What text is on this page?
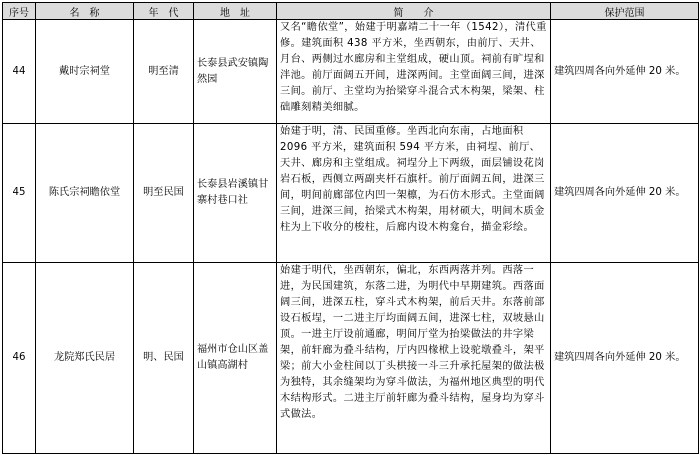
序号	名　称	年　代	地　址	简　　介	保护范围
44	戴时宗祠堂	明至清	长泰县武安镇陶然园	又名“瞻依堂”，始建于明嘉靖二十一年（1542），清代重修。建筑面积 438 平方米，坐西朝东，由前厅、天井、月台、两侧过水廊房和主堂组成，硬山顶。祠前有旷埕和泮池。前厅面阔五开间，进深两间。主堂面阔三间，进深三间。前厅、主堂均为抬梁穿斗混合式木构架，梁架、柱础雕刻精美细腻。	建筑四周各向外延伸 20 米。
45	陈氏宗祠瞻依堂	明至民国	长泰县岩溪镇甘寨村巷口社	始建于明，清、民国重修。坐西北向东南，占地面积 2096 平方米，建筑面积 594 平方米，由祠埕、前厅、天井、廊房和主堂组成。祠埕分上下两级，面层铺设花岗岩石板，西侧立两副夹杆石旗杆。前厅面阔五间，进深三间，明间前廊部位内凹一架檩，为石仿木形式。主堂面阔三间，进深三间，抬梁式木构架，用材硕大，明间木质金柱为上下收分的梭柱，后廊内设木构龛台，描金彩绘。	建筑四周各向外延伸 20 米。
46	龙院郑氏民居	明、民国	福州市仓山区盖山镇高湖村	始建于明代，坐西朝东，偏北，东西两落并列。西落一进，为民国建筑，东落二进，为明代中早期建筑。西落面阔三间，进深五柱，穿斗式木构架，前后天井。东落前部设石板埕，一二进主厅均面阔五间，进深七柱，双坡悬山顶。一进主厅设前通廊，明间厅堂为抬梁做法的井字梁架，前轩廊为叠斗结构，厅内四椽栿上设驼墩叠斗，架平梁；前大小金柱间以丁头栱接一斗三升承托屋架的做法极为独特，其余缝架均为穿斗做法，为福州地区典型的明代木结构形式。二进主厅前轩廊为叠斗结构，屋身均为穿斗式做法。	建筑四周各向外延伸 20 米。
